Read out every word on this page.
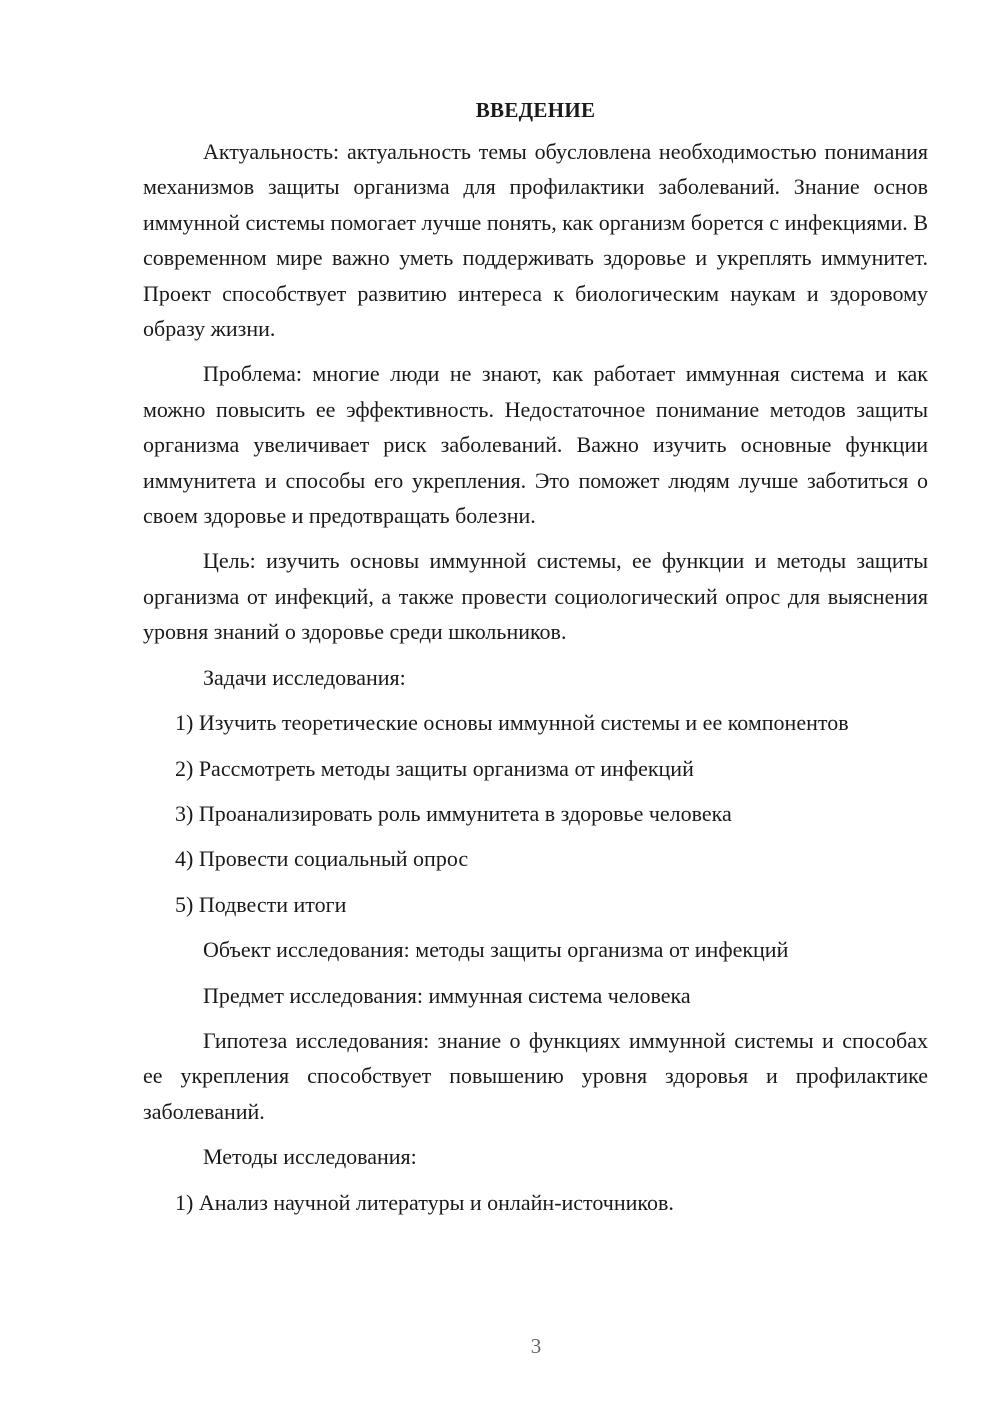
ВВЕДЕНИЕ

Актуальность: актуальность темы обусловлена необходимостью понимания механизмов защиты организма для профилактики заболеваний. Знание основ иммунной системы помогает лучше понять, как организм борется с инфекциями. В современном мире важно уметь поддерживать здоровье и укреплять иммунитет. Проект способствует развитию интереса к биологическим наукам и здоровому образу жизни.

Проблема: многие люди не знают, как работает иммунная система и как можно повысить ее эффективность. Недостаточное понимание методов защиты организма увеличивает риск заболеваний. Важно изучить основные функции иммунитета и способы его укрепления. Это поможет людям лучше заботиться о своем здоровье и предотвращать болезни.

Цель: изучить основы иммунной системы, ее функции и методы защиты организма от инфекций, а также провести социологический опрос для выяснения уровня знаний о здоровье среди школьников.

Задачи исследования:
1) Изучить теоретические основы иммунной системы и ее компонентов
2) Рассмотреть методы защиты организма от инфекций
3) Проанализировать роль иммунитета в здоровье человека
4) Провести социальный опрос
5) Подвести итоги
Объект исследования: методы защиты организма от инфекций
Предмет исследования: иммунная система человека

Гипотеза исследования: знание о функциях иммунной системы и способах ее укрепления способствует повышению уровня здоровья и профилактике заболеваний.

Методы исследования:
1) Анализ научной литературы и онлайн-источников.
3
